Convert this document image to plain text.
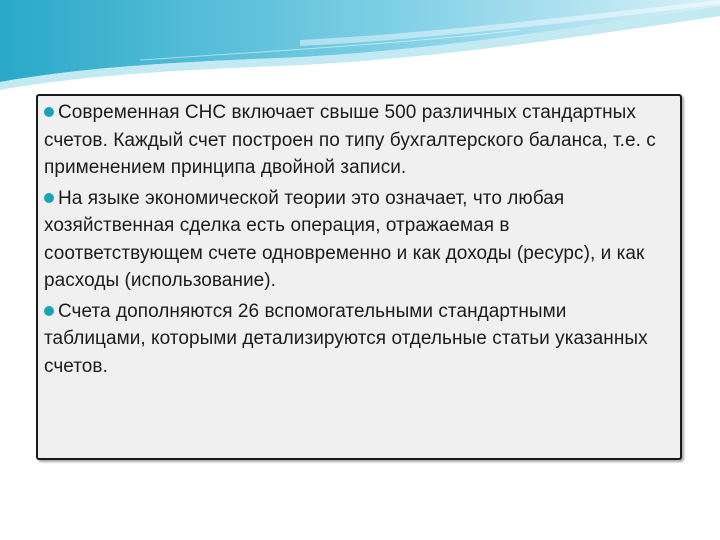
Современная СНС включает свыше 500 различных стандартных счетов. Каждый счет построен по типу бухгалтерского баланса, т.е. с применением принципа двойной записи.
На языке экономической теории это означает, что любая хозяйственная сделка есть операция, отражаемая в соответствующем счете одновременно и как доходы (ресурс), и как расходы (использование).
Счета дополняются 26 вспомогательными стандартными таблицами, которыми детализируются отдельные статьи указанных счетов.
